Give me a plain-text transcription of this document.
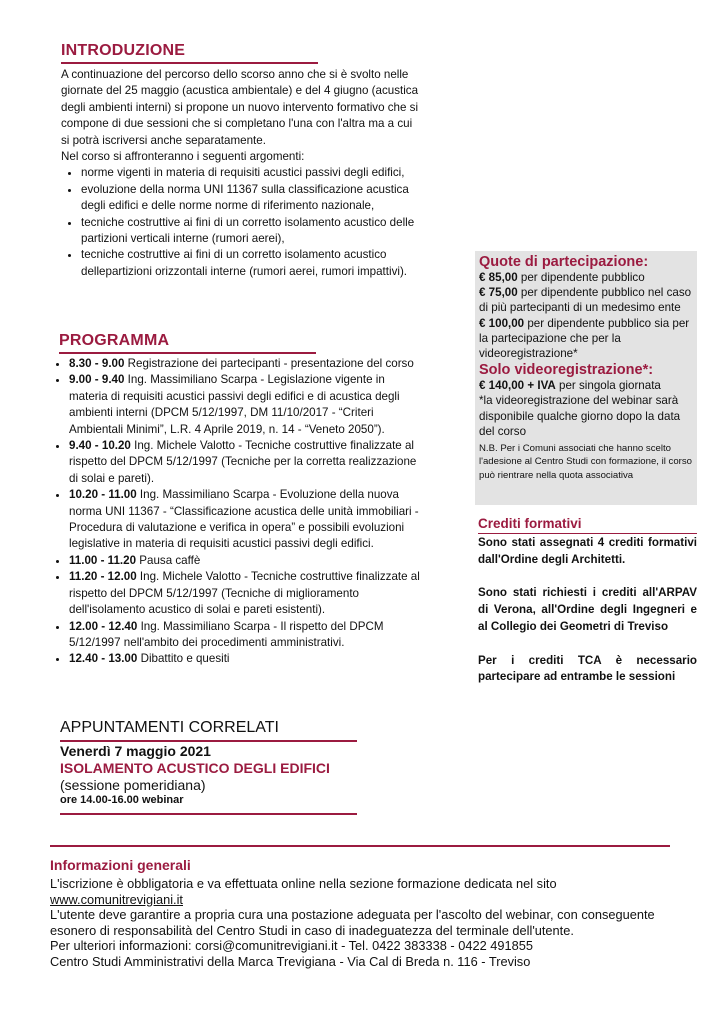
INTRODUZIONE
A continuazione del percorso dello scorso anno che si è svolto nelle giornate del 25 maggio (acustica ambientale) e del 4 giugno (acustica degli ambienti interni) si propone un nuovo intervento formativo che si compone di due sessioni che si completano l'una con l'altra ma a cui si potrà iscriversi anche separatamente.
Nel corso si affronteranno i seguenti argomenti:
• norme vigenti in materia di requisiti acustici passivi degli edifici,
• evoluzione della norma UNI 11367 sulla classificazione acustica degli edifici e delle norme norme di riferimento nazionale,
• tecniche costruttive ai fini di un corretto isolamento acustico delle partizioni verticali interne (rumori aerei),
• tecniche costruttive ai fini di un corretto isolamento acustico dellepartizioni orizzontali interne (rumori aerei, rumori impattivi).
PROGRAMMA
• 8.30 - 9.00 Registrazione dei partecipanti - presentazione del corso
• 9.00 - 9.40 Ing. Massimiliano Scarpa - Legislazione vigente in materia di requisiti acustici passivi degli edifici e di acustica degli ambienti interni (DPCM 5/12/1997, DM 11/10/2017 - “Criteri Ambientali Minimi”, L.R. 4 Aprile 2019, n. 14 - “Veneto 2050”).
• 9.40 - 10.20 Ing. Michele Valotto - Tecniche costruttive finalizzate al rispetto del DPCM 5/12/1997 (Tecniche per la corretta realizzazione di solai e pareti).
• 10.20 - 11.00 Ing. Massimiliano Scarpa - Evoluzione della nuova norma UNI 11367 - “Classificazione acustica delle unità immobiliari - Procedura di valutazione e verifica in opera” e possibili evoluzioni legislative in materia di requisiti acustici passivi degli edifici.
• 11.00 - 11.20 Pausa caffè
• 11.20 - 12.00 Ing. Michele Valotto - Tecniche costruttive finalizzate al rispetto del DPCM 5/12/1997 (Tecniche di miglioramento dell'isolamento acustico di solai e pareti esistenti).
• 12.00 - 12.40 Ing. Massimiliano Scarpa - Il rispetto del DPCM 5/12/1997 nell'ambito dei procedimenti amministrativi.
• 12.40 - 13.00 Dibattito e quesiti
Quote di partecipazione:
€ 85,00 per dipendente pubblico
€ 75,00 per dipendente pubblico nel caso di più partecipanti di un medesimo ente
€ 100,00 per dipendente pubblico sia per la partecipazione che per la videoregistrazione*
Solo videoregistrazione*:
€ 140,00 + IVA per singola giornata
*la videoregistrazione del webinar sarà disponibile qualche giorno dopo la data del corso
N.B. Per i Comuni associati che hanno scelto l'adesione al Centro Studi con formazione, il corso può rientrare nella quota associativa
Crediti formativi
Sono stati assegnati 4 crediti formativi dall'Ordine degli Architetti.
Sono stati richiesti i crediti all'ARPAV di Verona, all'Ordine degli Ingegneri e al Collegio dei Geometri di Treviso
Per i crediti TCA è necessario partecipare ad entrambe le sessioni
APPUNTAMENTI CORRELATI
Venerdì 7 maggio 2021
ISOLAMENTO ACUSTICO DEGLI EDIFICI
(sessione pomeridiana)
ore 14.00-16.00 webinar
Informazioni generali
L'iscrizione è obbligatoria e va effettuata online nella sezione formazione dedicata nel sito
www.comunitrevigiani.it
L'utente deve garantire a propria cura una postazione adeguata per l'ascolto del webinar, con conseguente esonero di responsabilità del Centro Studi in caso di inadeguatezza del terminale dell'utente.
Per ulteriori informazioni: corsi@comunitrevigiani.it - Tel. 0422 383338 - 0422 491855
Centro Studi Amministrativi della Marca Trevigiana - Via Cal di Breda n. 116 - Treviso
